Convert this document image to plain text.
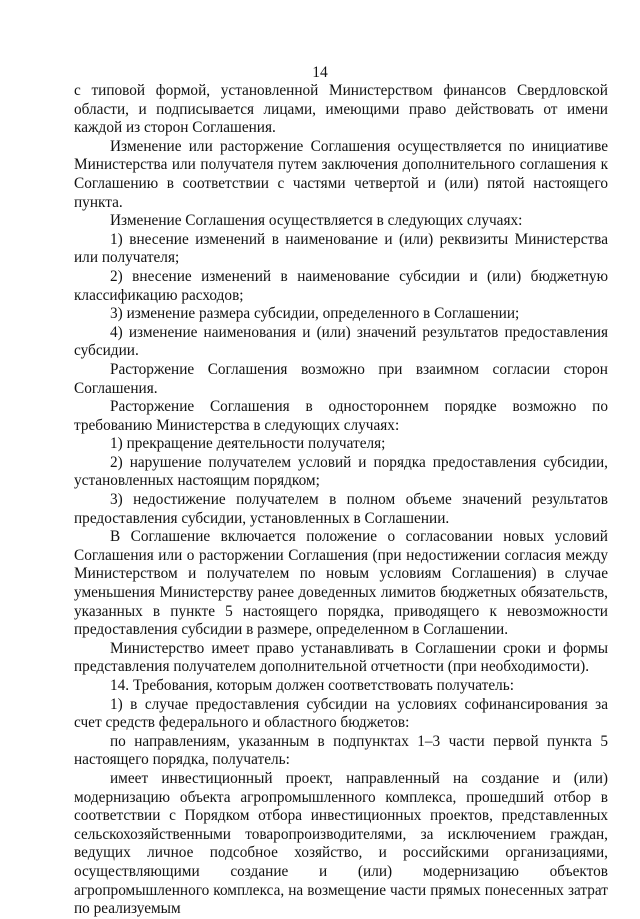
14

с типовой формой, установленной Министерством финансов Свердловской области, и подписывается лицами, имеющими право действовать от имени каждой из сторон Соглашения.

Изменение или расторжение Соглашения осуществляется по инициативе Министерства или получателя путем заключения дополнительного соглашения к Соглашению в соответствии с частями четвертой и (или) пятой настоящего пункта.

Изменение Соглашения осуществляется в следующих случаях:

1) внесение изменений в наименование и (или) реквизиты Министерства или получателя;

2) внесение изменений в наименование субсидии и (или) бюджетную классификацию расходов;

3) изменение размера субсидии, определенного в Соглашении;

4) изменение наименования и (или) значений результатов предоставления субсидии.

Расторжение Соглашения возможно при взаимном согласии сторон Соглашения.

Расторжение Соглашения в одностороннем порядке возможно по требованию Министерства в следующих случаях:

1) прекращение деятельности получателя;

2) нарушение получателем условий и порядка предоставления субсидии, установленных настоящим порядком;

3) недостижение получателем в полном объеме значений результатов предоставления субсидии, установленных в Соглашении.

В Соглашение включается положение о согласовании новых условий Соглашения или о расторжении Соглашения (при недостижении согласия между Министерством и получателем по новым условиям Соглашения) в случае уменьшения Министерству ранее доведенных лимитов бюджетных обязательств, указанных в пункте 5 настоящего порядка, приводящего к невозможности предоставления субсидии в размере, определенном в Соглашении.

Министерство имеет право устанавливать в Соглашении сроки и формы представления получателем дополнительной отчетности (при необходимости).

14. Требования, которым должен соответствовать получатель:

1) в случае предоставления субсидии на условиях софинансирования за счет средств федерального и областного бюджетов:

по направлениям, указанным в подпунктах 1–3 части первой пункта 5 настоящего порядка, получатель:

имеет инвестиционный проект, направленный на создание и (или) модернизацию объекта агропромышленного комплекса, прошедший отбор в соответствии с Порядком отбора инвестиционных проектов, представленных сельскохозяйственными товаропроизводителями, за исключением граждан, ведущих личное подсобное хозяйство, и российскими организациями, осуществляющими создание и (или) модернизацию объектов агропромышленного комплекса, на возмещение части прямых понесенных затрат по реализуемым
